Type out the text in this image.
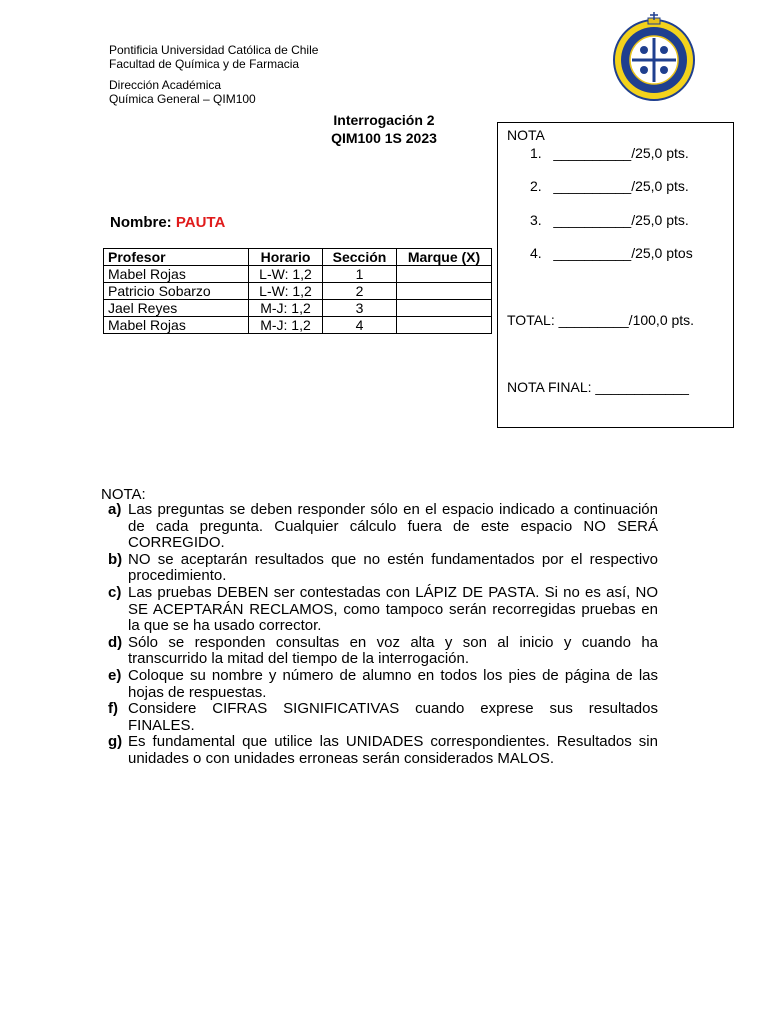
Pontificia Universidad Católica de Chile
Facultad de Química y de Farmacia
Dirección Académica
Química General – QIM100
Interrogación 2
QIM100 1S 2023
Nombre: PAUTA
Profesor	Horario	Sección	Marque (X)
Mabel Rojas	L-W: 1,2	1	
Patricio Sobarzo	L-W: 1,2	2	
Jael Reyes	M-J: 1,2	3	
Mabel Rojas	M-J: 1,2	4	
NOTA
1.   __________/25,0 pts.
2.   __________/25,0 pts.
3.   __________/25,0 pts.
4.   __________/25,0 ptos
TOTAL: _________/100,0 pts.
NOTA FINAL: ____________
NOTA:
a) Las preguntas se deben responder sólo en el espacio indicado a continuación de cada pregunta. Cualquier cálculo fuera de este espacio NO SERÁ CORREGIDO.
b) NO se aceptarán resultados que no estén fundamentados por el respectivo procedimiento.
c) Las pruebas DEBEN ser contestadas con LÁPIZ DE PASTA. Si no es así, NO SE ACEPTARÁN RECLAMOS, como tampoco serán recorregidas pruebas en la que se ha usado corrector.
d) Sólo se responden consultas en voz alta y son al inicio y cuando ha transcurrido la mitad del tiempo de la interrogación.
e) Coloque su nombre y número de alumno en todos los pies de página de las hojas de respuestas.
f) Considere CIFRAS SIGNIFICATIVAS cuando exprese sus resultados FINALES.
g) Es fundamental que utilice las UNIDADES correspondientes. Resultados sin unidades o con unidades erroneas serán considerados MALOS.
